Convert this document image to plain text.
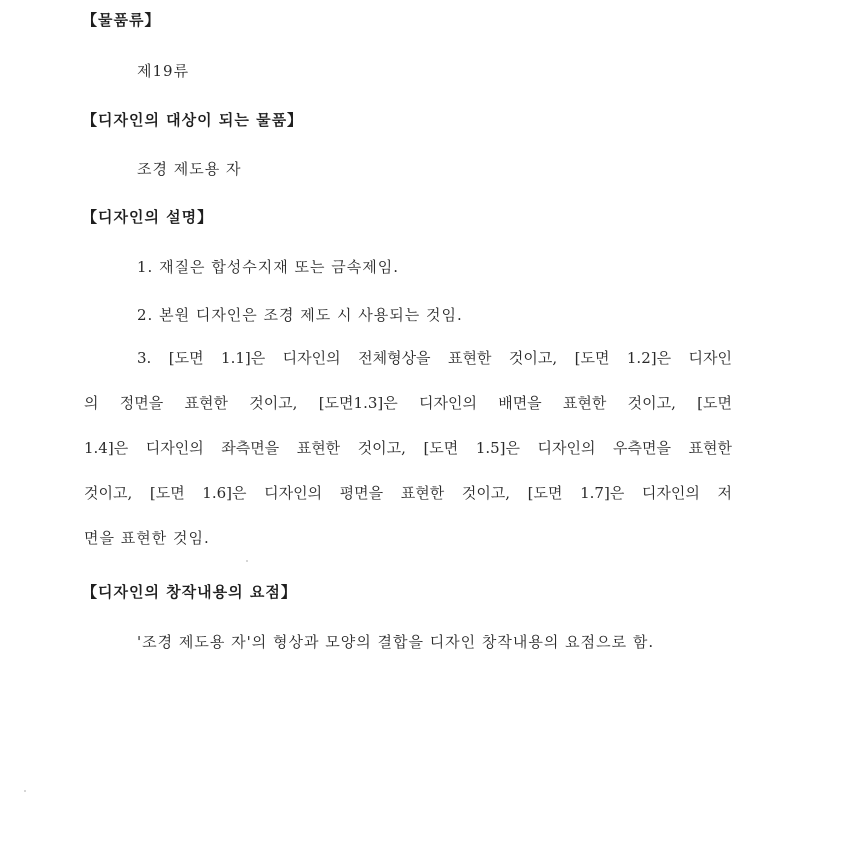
【물품류】
제19류
【디자인의 대상이 되는 물품】
조경 제도용 자
【디자인의 설명】
1. 재질은 합성수지재 또는 금속제임.
2. 본원 디자인은 조경 제도 시 사용되는 것임.
3. [도면 1.1]은 디자인의 전체형상을 표현한 것이고, [도면 1.2]은 디자인
의 정면을 표현한 것이고, [도면1.3]은 디자인의 배면을 표현한 것이고, [도면
1.4]은 디자인의 좌측면을 표현한 것이고, [도면 1.5]은 디자인의 우측면을 표현한
것이고, [도면 1.6]은 디자인의 평면을 표현한 것이고, [도면 1.7]은 디자인의 저
면을 표현한 것임.
【디자인의 창작내용의 요점】
'조경 제도용 자'의 형상과 모양의 결합을 디자인 창작내용의 요점으로 함.
